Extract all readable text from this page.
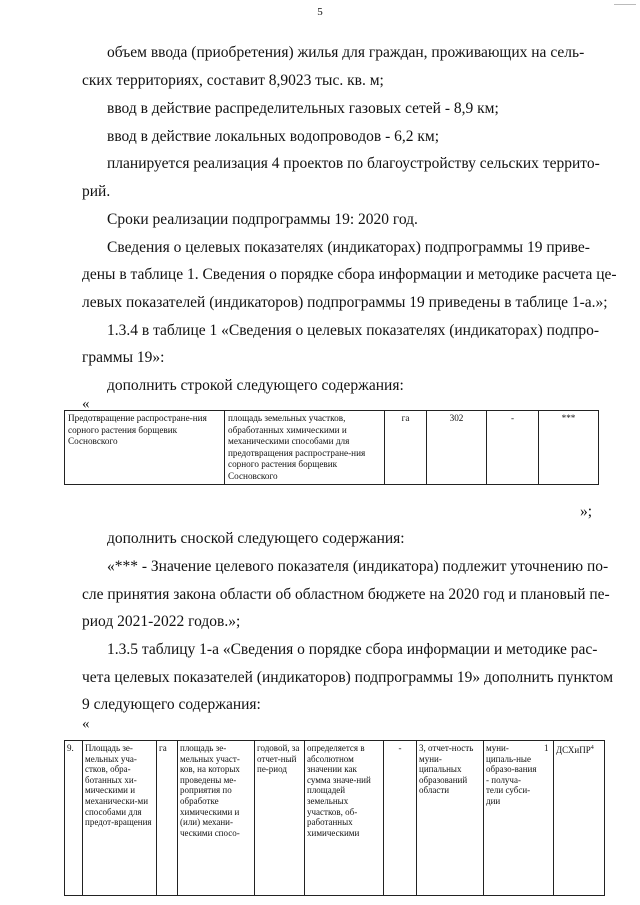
5
объем ввода (приобретения) жилья для граждан, проживающих на сель-
ских территориях, составит 8,9023 тыс. кв. м;
ввод в действие распределительных газовых сетей - 8,9 км;
ввод в действие локальных водопроводов - 6,2 км;
планируется реализация 4 проектов по благоустройству сельских террито-
рий.
Сроки реализации подпрограммы 19: 2020 год.
Сведения о целевых показателях (индикаторах) подпрограммы 19 приве-
дены в таблице 1. Сведения о порядке сбора информации и методике расчета це-
левых показателей (индикаторов) подпрограммы 19 приведены в таблице 1-а.»;
1.3.4 в таблице 1 «Сведения о целевых показателях (индикаторах) подпро-
граммы 19»:
дополнить строкой следующего содержания:
«
Предотвращение распростране-ния сорного растения борщевик Сосновского	площадь земельных участков, обработанных химическими и механическими способами для предотвращения распростране-ния сорного растения борщевик Сосновского	га	302	-	***
»;
дополнить сноской следующего содержания:
«*** - Значение целевого показателя (индикатора) подлежит уточнению по-
сле принятия закона области об областном бюджете на 2020 год и плановый пе-
риод 2021-2022 годов.»;
1.3.5 таблицу 1-а «Сведения о порядке сбора информации и методике рас-
чета целевых показателей (индикаторов) подпрограммы 19» дополнить пунктом
9 следующего содержания:
«
9.	Площадь зе-мельных уча-стков, обра-ботанных хи-мическими и механически-ми способами для предот-вращения	га	площадь зе-мельных участ-ков, на которых проведены ме-роприятия по обработке химическими и (или) механи-ческими спосо-	годовой, за отчет-ный пе-риод	определяется в абсолютном значении как сумма значе-ний площадей земельных участков, об-работанных химическими	-	3, отчет-ность муни-ципальных образований области	муни-ципаль-ные образо-вания - получа-тели субси-дии	1	ДСХиПР$^4$
